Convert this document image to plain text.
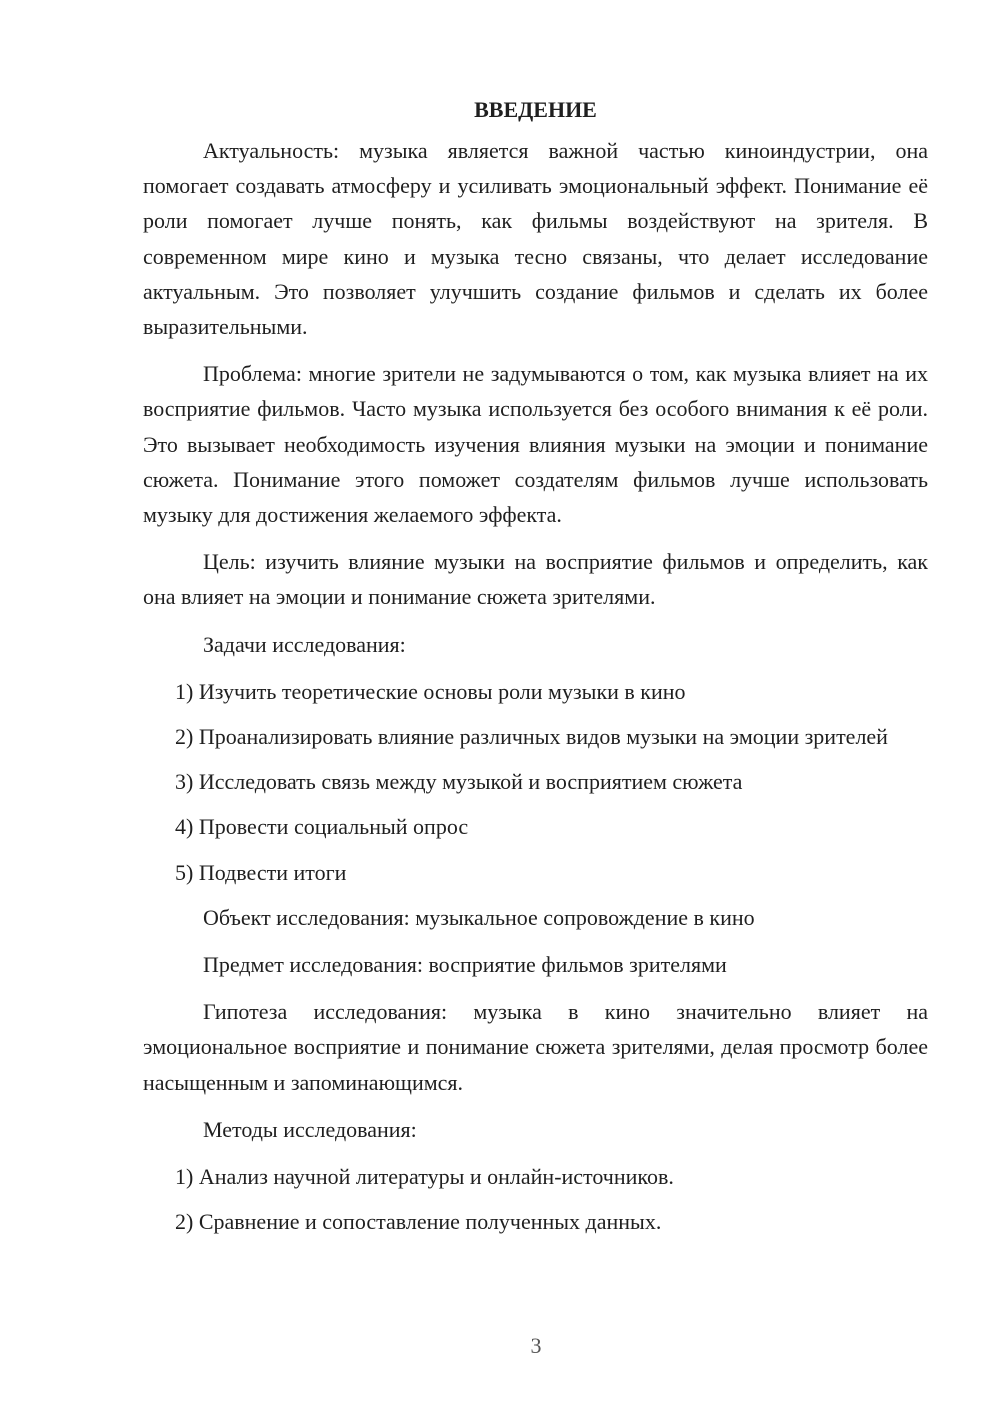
ВВЕДЕНИЕ

Актуальность: музыка является важной частью киноиндустрии, она помогает создавать атмосферу и усиливать эмоциональный эффект. Понимание её роли помогает лучше понять, как фильмы воздействуют на зрителя. В современном мире кино и музыка тесно связаны, что делает исследование актуальным. Это позволяет улучшить создание фильмов и сделать их более выразительными.

Проблема: многие зрители не задумываются о том, как музыка влияет на их восприятие фильмов. Часто музыка используется без особого внимания к её роли. Это вызывает необходимость изучения влияния музыки на эмоции и понимание сюжета. Понимание этого поможет создателям фильмов лучше использовать музыку для достижения желаемого эффекта.

Цель: изучить влияние музыки на восприятие фильмов и определить, как она влияет на эмоции и понимание сюжета зрителями.

Задачи исследования:

1) Изучить теоретические основы роли музыки в кино

2) Проанализировать влияние различных видов музыки на эмоции зрителей

3) Исследовать связь между музыкой и восприятием сюжета

4) Провести социальный опрос

5) Подвести итоги

Объект исследования: музыкальное сопровождение в кино

Предмет исследования: восприятие фильмов зрителями

Гипотеза исследования: музыка в кино значительно влияет на эмоциональное восприятие и понимание сюжета зрителями, делая просмотр более насыщенным и запоминающимся.

Методы исследования:

1) Анализ научной литературы и онлайн-источников.

2) Сравнение и сопоставление полученных данных.

3
